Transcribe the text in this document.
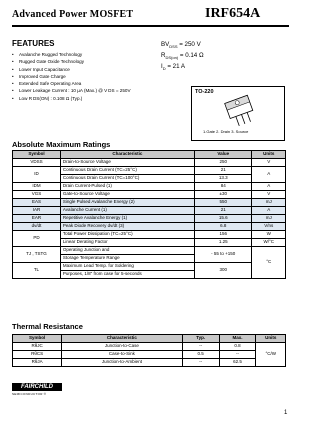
Advanced Power MOSFET	IRF654A
FEATURES
• Avalanche Rugged Technology
• Rugged Gate Oxide Technology
• Lower Input Capacitance
• Improved Gate Charge
• Extended Safe Operating Area
• Lower Leakage Current : 10 µA (Max.) @ V DS = 250V
• Low R DS(ON) : 0.108 Ω (Typ.)
$BV_{DSS} = 250$ V
$R_{DS(on)} = 0.14$ Ω
$I_D = 21$ A
TO-220
1.Gate 2. Drain 3. Source
Absolute Maximum Ratings
Symbol	Characteristic	Value	Units
VDSS	Drain-to-Source Voltage	250	V
ID	Continuous Drain Current (TC=25°C)	21	A
	Continuous Drain Current (TC=100°C)	13.3	
IDM	Drain Current-Pulsed (1)	84	A
VGS	Gate-to-Source Voltage	±30	V
EAS	Single Pulsed Avalanche Energy (2)	550	mJ
IAR	Avalanche Current (1)	21	A
EAR	Repetitive Avalanche Energy (1)	15.6	mJ
dv/dt	Peak Diode Recovery dv/dt (3)	6.8	V/ns
PD	Total Power Dissipation (TC=25°C)	156	W
	Linear Derating Factor	1.25	W/°C
TJ , TSTG	Operating Junction and	- 55 to +150	°C
	Storage Temperature Range		
TL	Maximum Lead Temp. for Soldering	300	
	Purposes, 1/8" from case for 5-seconds		
Thermal Resistance
Symbol	Characteristic	Typ.	Max.	Units
RθJC	Junction-to-Case	--	0.8	°C/W
RθCS	Case-to-Sink	0.5	--	
RθJA	Junction-to-Ambient	--	62.5	
FAIRCHILD
SEMICONDUCTOR ®
1
